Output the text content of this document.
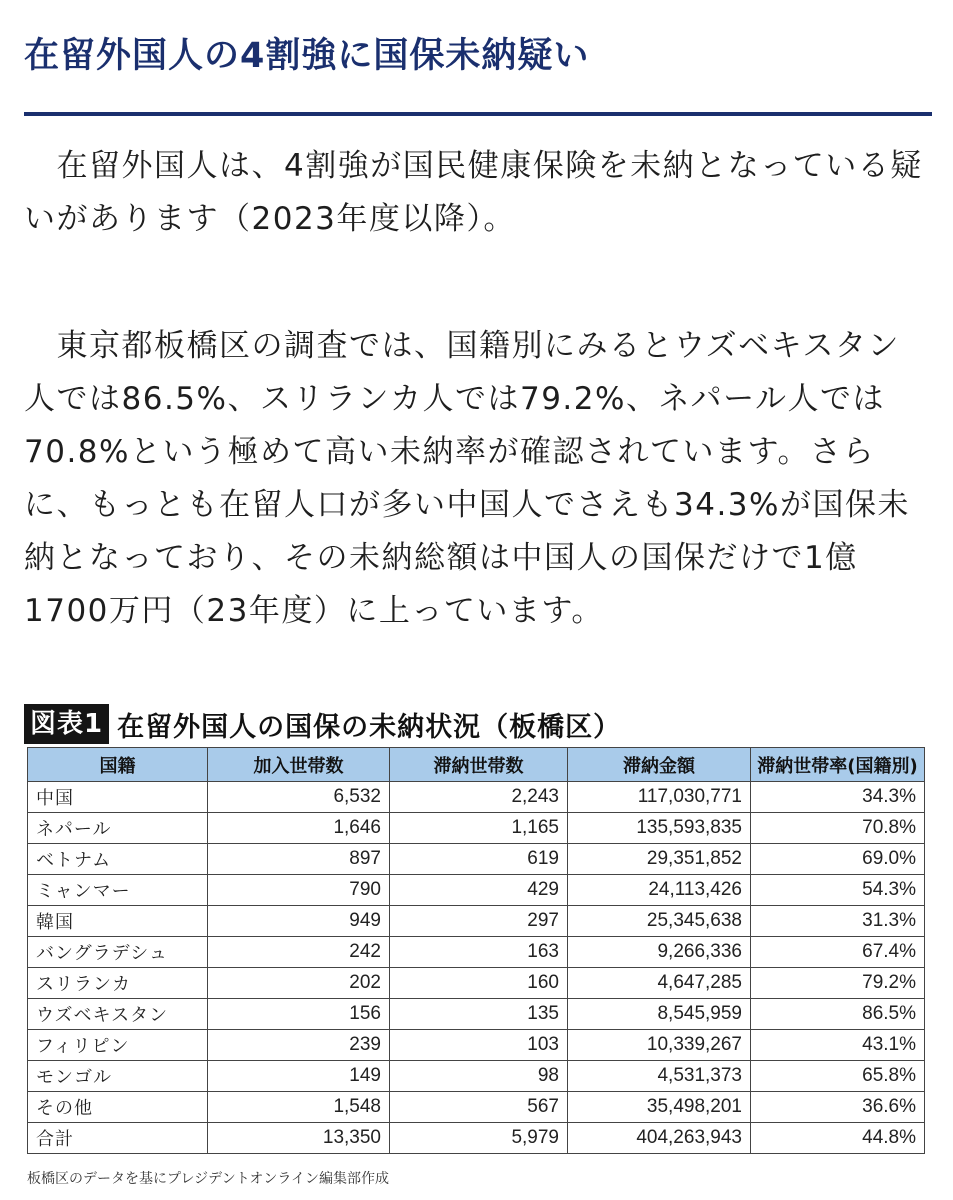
在留外国人の4割強に国保未納疑い

　在留外国人は、4割強が国民健康保険を未納となっている疑いがあります（2023年度以降）。

　東京都板橋区の調査では、国籍別にみるとウズベキスタン人では86.5%、スリランカ人では79.2%、ネパール人では70.8%という極めて高い未納率が確認されています。さらに、もっとも在留人口が多い中国人でさえも34.3%が国保未納となっており、その未納総額は中国人の国保だけで1億1700万円（23年度）に上っています。

図表1 在留外国人の国保の未納状況（板橋区）
国籍	加入世帯数	滞納世帯数	滞納金額	滞納世帯率(国籍別)
中国	6,532	2,243	117,030,771	34.3%
ネパール	1,646	1,165	135,593,835	70.8%
ベトナム	897	619	29,351,852	69.0%
ミャンマー	790	429	24,113,426	54.3%
韓国	949	297	25,345,638	31.3%
バングラデシュ	242	163	9,266,336	67.4%
スリランカ	202	160	4,647,285	79.2%
ウズベキスタン	156	135	8,545,959	86.5%
フィリピン	239	103	10,339,267	43.1%
モンゴル	149	98	4,531,373	65.8%
その他	1,548	567	35,498,201	36.6%
合計	13,350	5,979	404,263,943	44.8%
板橋区のデータを基にプレジデントオンライン編集部作成
